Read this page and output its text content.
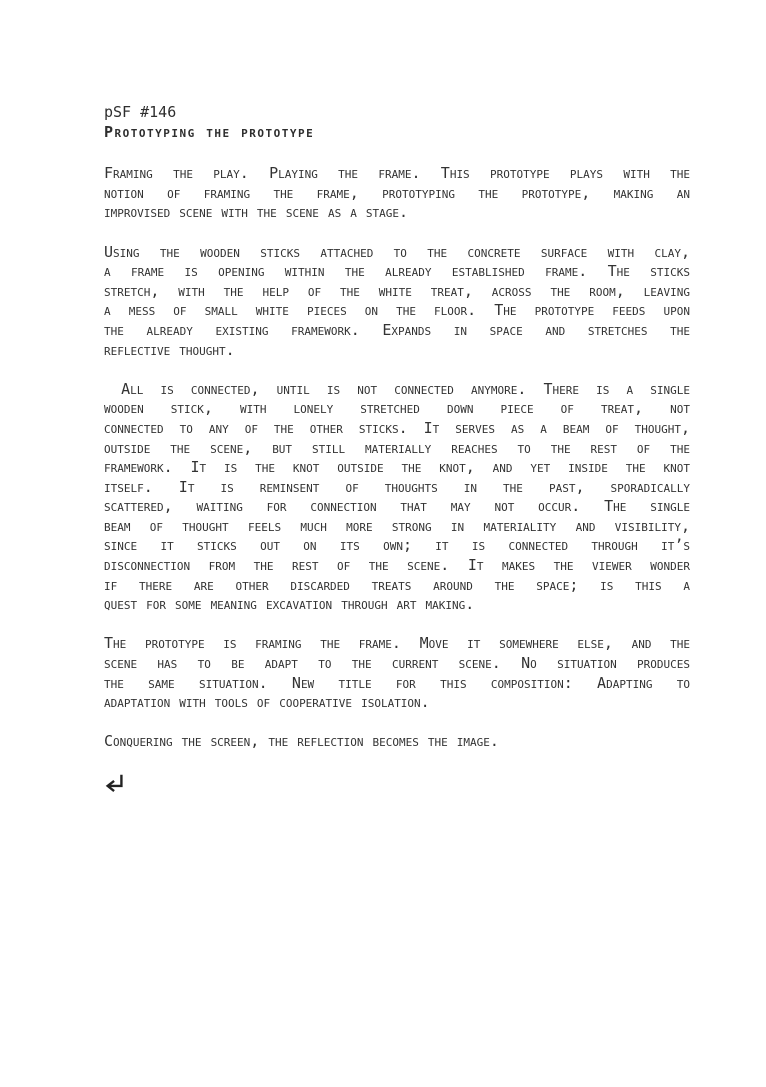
pSF #146
Prototyping the prototype
Framing the play. Playing the frame. This prototype plays with the
notion of framing the frame, prototyping the prototype, making an
improvised scene with the scene as a stage.
Using the wooden sticks attached to the concrete surface with clay,
a frame is opening within the already established frame. The sticks
stretch, with the help of the white treat, across the room, leaving
a mess of small white pieces on the floor. The prototype feeds upon
the already existing framework. Expands in space and stretches the
reflective thought.
All is connected, until is not connected anymore. There is a single
wooden stick, with lonely stretched down piece of treat, not
connected to any of the other sticks. It serves as a beam of thought,
outside the scene, but still materially reaches to the rest of the
framework. It is the knot outside the knot, and yet inside the knot
itself. It is reminsent of thoughts in the past, sporadically
scattered, waiting for connection that may not occur. The single
beam of thought feels much more strong in materiality and visibility,
since it sticks out on its own; it is connected through it’s
disconnection from the rest of the scene. It makes the viewer wonder
if there are other discarded treats around the space; is this a
quest for some meaning excavation through art making.
The prototype is framing the frame. Move it somewhere else, and the
scene has to be adapt to the current scene. No situation produces
the same situation. New title for this composition: Adapting to
adaptation with tools of cooperative isolation.
Conquering the screen, the reflection becomes the image.
